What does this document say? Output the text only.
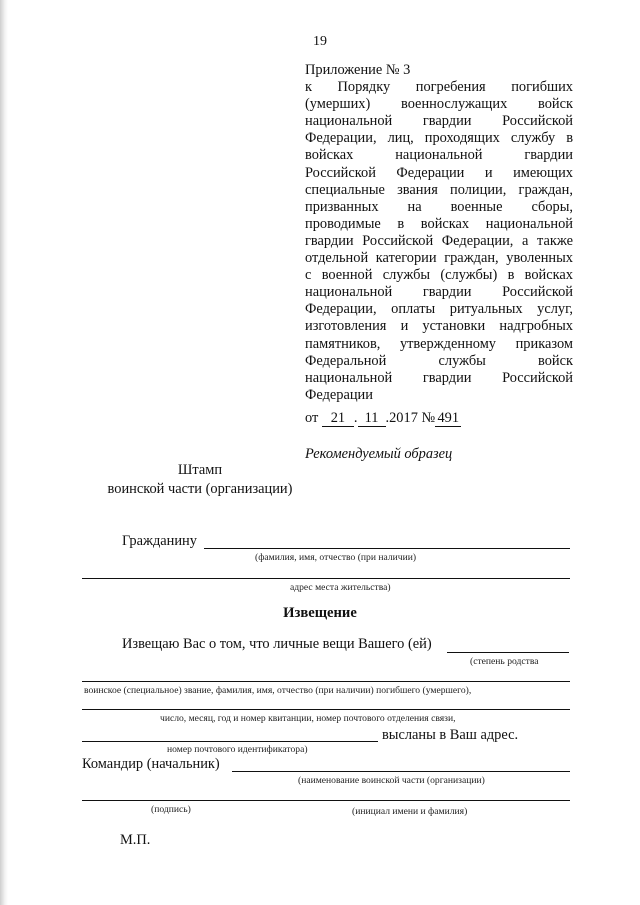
19
Приложение № 3
к Порядку погребения погибших
(умерших) военнослужащих войск
национальной гвардии Российской
Федерации, лиц, проходящих службу в
войсках национальной гвардии
Российской Федерации и имеющих
специальные звания полиции, граждан,
призванных на военные сборы,
проводимые в войсках национальной
гвардии Российской Федерации, а также
отдельной категории граждан, уволенных
с военной службы (службы) в войсках
национальной гвардии Российской
Федерации, оплаты ритуальных услуг,
изготовления и установки надгробных
памятников, утвержденному приказом
Федеральной службы войск
национальной гвардии Российской
Федерации
от 21 . 11 .2017 № 491
Рекомендуемый образец
Штамп
воинской части (организации)
Гражданину
(фамилия, имя, отчество (при наличии)
адрес места жительства)
Извещение
Извещаю Вас о том, что личные вещи Вашего (ей)
(степень родства
воинское (специальное) звание, фамилия, имя, отчество (при наличии) погибшего (умершего),
число, месяц, год и номер квитанции, номер почтового отделения связи,
высланы в Ваш адрес.
номер почтового идентификатора)
Командир (начальник)
(наименование воинской части (организации)
(подпись)	(инициал имени и фамилия)
М.П.
